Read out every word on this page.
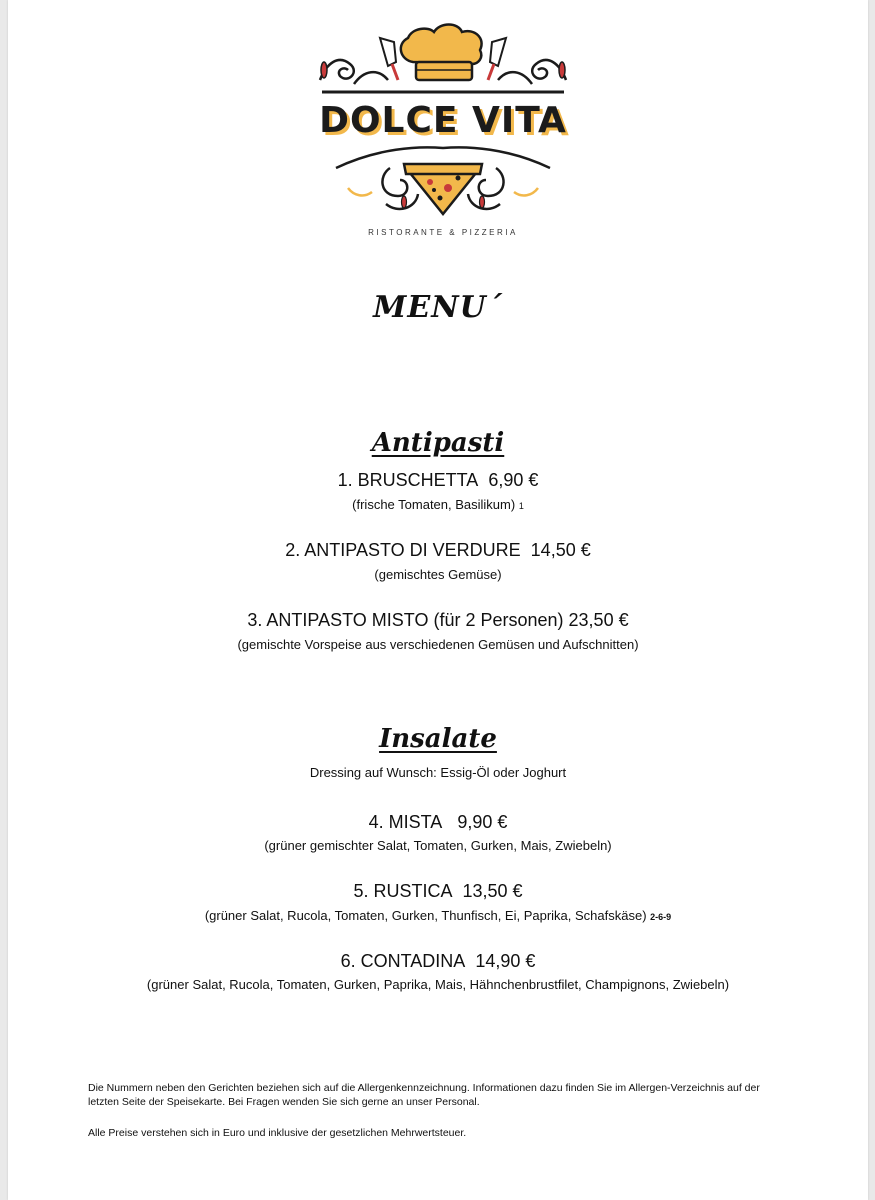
DOLCE VITA
RISTORANTE & PIZZERIA
MENU´
Antipasti
1. BRUSCHETTA 6,90 €
(frische Tomaten, Basilikum) 1
2. ANTIPASTO DI VERDURE 14,50 €
(gemischtes Gemüse)
3. ANTIPASTO MISTO (für 2 Personen) 23,50 €
(gemischte Vorspeise aus verschiedenen Gemüsen und Aufschnitten)
Insalate
Dressing auf Wunsch: Essig-Öl oder Joghurt
4. MISTA 9,90 €
(grüner gemischter Salat, Tomaten, Gurken, Mais, Zwiebeln)
5. RUSTICA 13,50 €
(grüner Salat, Rucola, Tomaten, Gurken, Thunfisch, Ei, Paprika, Schafskäse) 2-6-9
6. CONTADINA 14,90 €
(grüner Salat, Rucola, Tomaten, Gurken, Paprika, Mais, Hähnchenbrustfilet, Champignons, Zwiebeln)
Die Nummern neben den Gerichten beziehen sich auf die Allergenkennzeichnung. Informationen dazu finden Sie im Allergen-Verzeichnis auf der letzten Seite der Speisekarte. Bei Fragen wenden Sie sich gerne an unser Personal.
Alle Preise verstehen sich in Euro und inklusive der gesetzlichen Mehrwertsteuer.
